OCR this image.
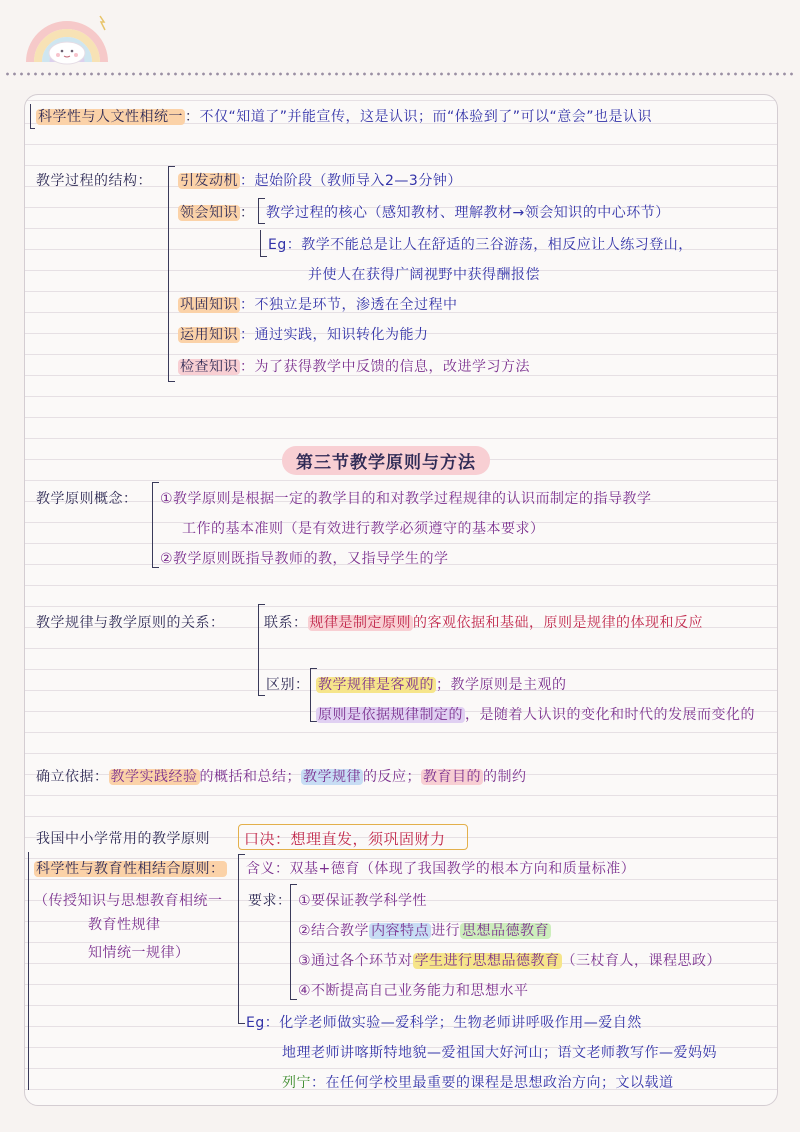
科学性与人文性相统一 ：不仅“知道了”并能宣传，这是认识；而“体验到了”可以“意会”也是认识
教学过程的结构： 引发动机 ：起始阶段（教师导入2—3分钟）
领会知识 ： 教学过程的核心（感知教材、理解教材→领会知识的中心环节）
Eg：教学不能总是让人在舒适的三谷游荡，相反应让人练习登山，
并使人在获得广阔视野中获得酬报偿
巩固知识 ：不独立是环节，渗透在全过程中
运用知识 ：通过实践，知识转化为能力
检查知识 ：为了获得教学中反馈的信息，改进学习方法
第三节教学原则与方法
教学原则概念： ①教学原则是根据一定的教学目的和对教学过程规律的认识而制定的指导教学
工作的基本准则（是有效进行教学必须遵守的基本要求）
②教学原则既指导教师的教，又指导学生的学
教学规律与教学原则的关系：	联系： 规律是制定原则 的客观依据和基础，原则是规律的体现和反应
区别： 教学规律是客观的 ；教学原则是主观的
原则是依据规律制定的 ，是随着人认识的变化和时代的发展而变化的
确立依据： 教学实践经验 的概括和总结； 教学规律 的反应； 教育目的 的制约
我国中小学常用的教学原则 口决：想理直发，须巩固财力
科学性与教育性相结合原则：
（传授知识与思想教育相统一
教育性规律
知情统一规律）
含义：双基+德育（体现了我国教学的根本方向和质量标准）
要求： ①要保证教学科学性
②结合教学 内容特点 进行 思想品德教育
③通过各个环节对 学生进行思想品德教育 （三杖育人，课程思政）
④不断提高自己业务能力和思想水平
Eg：化学老师做实验—爱科学；生物老师讲呼吸作用—爱自然
地理老师讲喀斯特地貌—爱祖国大好河山；语文老师教写作—爱妈妈
列宁：在任何学校里最重要的课程是思想政治方向；文以载道
